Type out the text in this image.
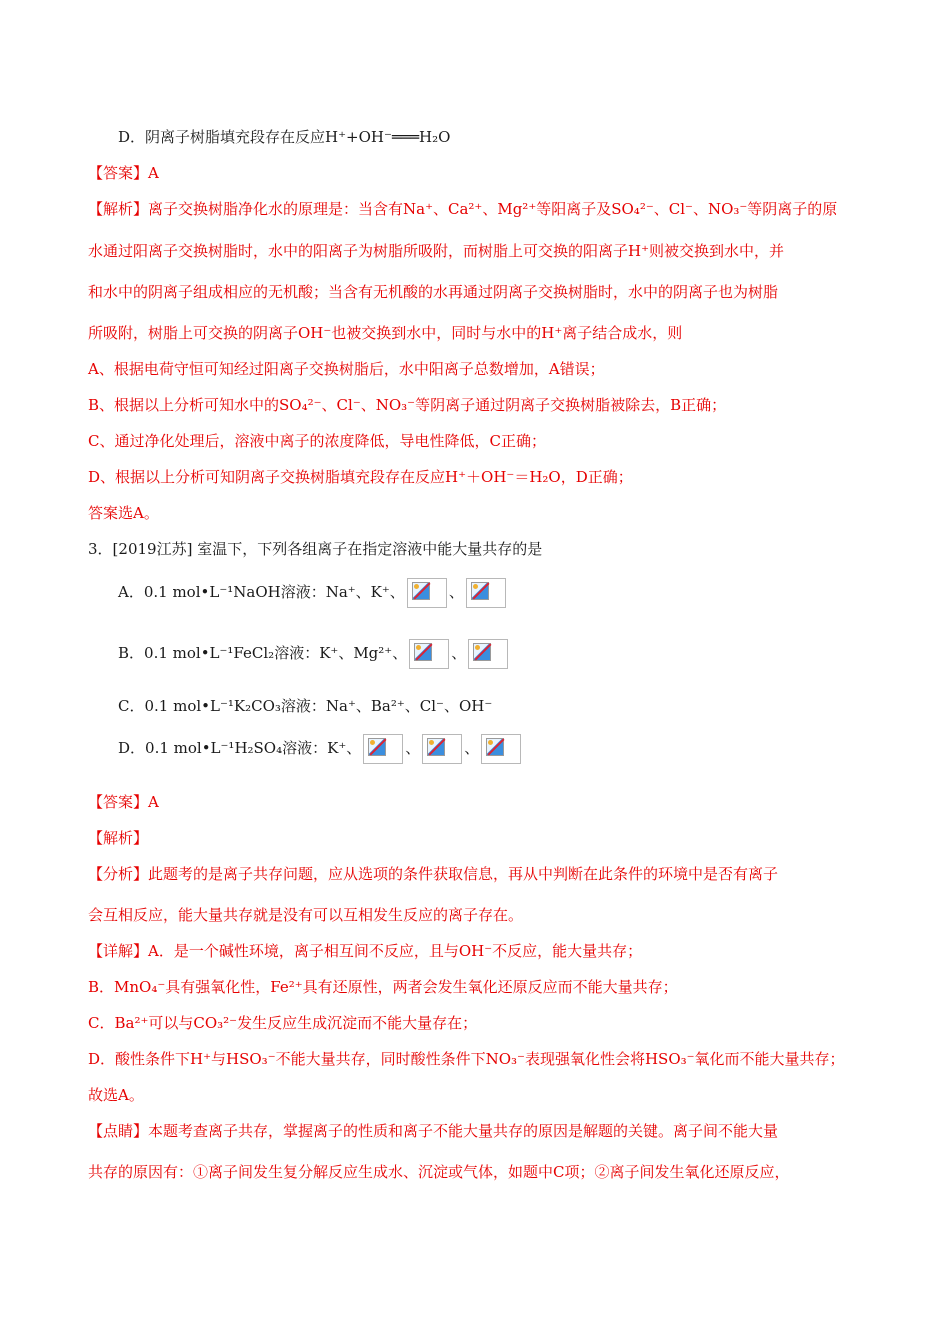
D．阴离子树脂填充段存在反应H⁺+OH⁻═══H₂O
【答案】A
【解析】离子交换树脂净化水的原理是：当含有Na⁺、Ca²⁺、Mg²⁺等阳离子及SO₄²⁻、Cl⁻、NO₃⁻等阴离子的原
水通过阳离子交换树脂时，水中的阳离子为树脂所吸附，而树脂上可交换的阳离子H⁺则被交换到水中，并
和水中的阴离子组成相应的无机酸；当含有无机酸的水再通过阴离子交换树脂时，水中的阴离子也为树脂
所吸附，树脂上可交换的阴离子OH⁻也被交换到水中，同时与水中的H⁺离子结合成水，则
A、根据电荷守恒可知经过阳离子交换树脂后，水中阳离子总数增加，A错误；
B、根据以上分析可知水中的SO₄²⁻、Cl⁻、NO₃⁻等阴离子通过阴离子交换树脂被除去，B正确；
C、通过净化处理后，溶液中离子的浓度降低，导电性降低，C正确；
D、根据以上分析可知阴离子交换树脂填充段存在反应H⁺＋OH⁻＝H₂O，D正确；
答案选A。
3．[2019江苏] 室温下，下列各组离子在指定溶液中能大量共存的是
A．0.1 mol•L⁻¹NaOH溶液：Na⁺、K⁺、	、
B．0.1 mol•L⁻¹FeCl₂溶液：K⁺、Mg²⁺、	、
C．0.1 mol•L⁻¹K₂CO₃溶液：Na⁺、Ba²⁺、Cl⁻、OH⁻
D．0.1 mol•L⁻¹H₂SO₄溶液：K⁺、	、	、
【答案】A
【解析】
【分析】此题考的是离子共存问题，应从选项的条件获取信息，再从中判断在此条件的环境中是否有离子
会互相反应，能大量共存就是没有可以互相发生反应的离子存在。
【详解】A．是一个碱性环境，离子相互间不反应，且与OH⁻不反应，能大量共存；
B．MnO₄⁻具有强氧化性，Fe²⁺具有还原性，两者会发生氧化还原反应而不能大量共存；
C．Ba²⁺可以与CO₃²⁻发生反应生成沉淀而不能大量存在；
D．酸性条件下H⁺与HSO₃⁻不能大量共存，同时酸性条件下NO₃⁻表现强氧化性会将HSO₃⁻氧化而不能大量共存；
故选A。
【点睛】本题考查离子共存，掌握离子的性质和离子不能大量共存的原因是解题的关键。离子间不能大量
共存的原因有：①离子间发生复分解反应生成水、沉淀或气体，如题中C项；②离子间发生氧化还原反应，
